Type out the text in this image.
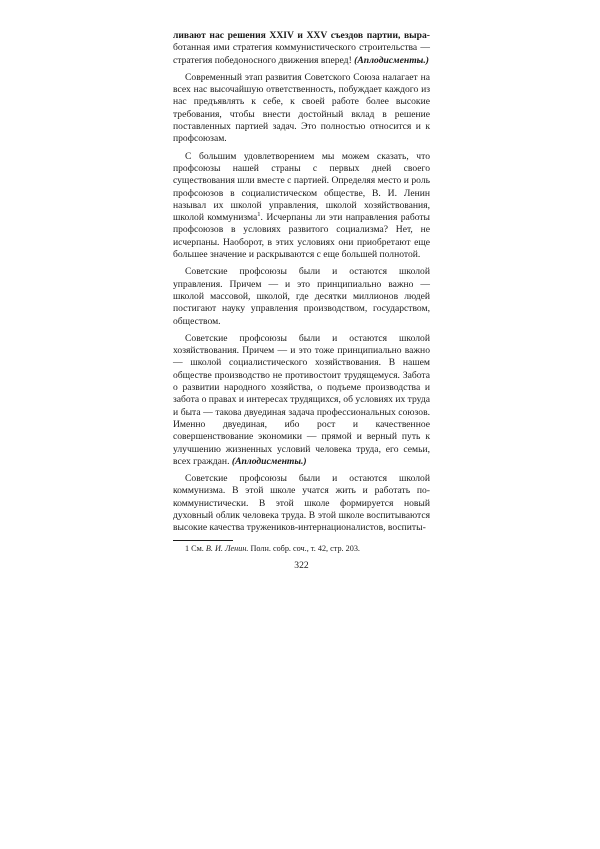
ливают нас решения XXIV и XXV съездов партии, выра- ботанная ими стратегия коммунистического строительства — стратегия победоносного движения вперед! (Аплодисменты.)

Современный этап развития Советского Союза налагает на всех нас высочайшую ответственность, побуждает каждого из нас предъявлять к себе, к своей работе более высокие требования, чтобы внести достойный вклад в решение поставленных партией задач. Это полностью относится и к профсоюзам.

С большим удовлетворением мы можем сказать, что профсоюзы нашей страны с первых дней своего существования шли вместе с партией. Определяя место и роль профсоюзов в социалистическом обществе, В. И. Ленин называл их школой управления, школой хозяйствования, школой коммунизма$^1$. Исчерпаны ли эти направления работы профсоюзов в условиях развитого социализма? Нет, не исчерпаны. Наоборот, в этих условиях они приобретают еще большее значение и раскрываются с еще большей полнотой.

Советские профсоюзы были и остаются школой управления. Причем — и это принципиально важно — школой массовой, школой, где десятки миллионов людей постигают науку управления производством, государством, обществом.

Советские профсоюзы были и остаются школой хозяйствования. Причем — и это тоже принципиально важно — школой социалистического хозяйствования. В нашем обществе производство не противостоит трудящемуся. Забота о развитии народного хозяйства, о подъеме производства и забота о правах и интересах трудящихся, об условиях их труда и быта — такова двуединая задача профессиональных союзов. Именно двуединая, ибо рост и качественное совершенствование экономики — прямой и верный путь к улучшению жизненных условий человека труда, его семьи, всех граждан. (Аплодисменты.)

Советские профсоюзы были и остаются школой коммунизма. В этой школе учатся жить и работать по-коммунистически. В этой школе формируется новый духовный облик человека труда. В этой школе воспитываются высокие качества тружеников-интернационалистов, воспиты-

1 См. В. И. Ленин. Полн. собр. соч., т. 42, стр. 203.

322
